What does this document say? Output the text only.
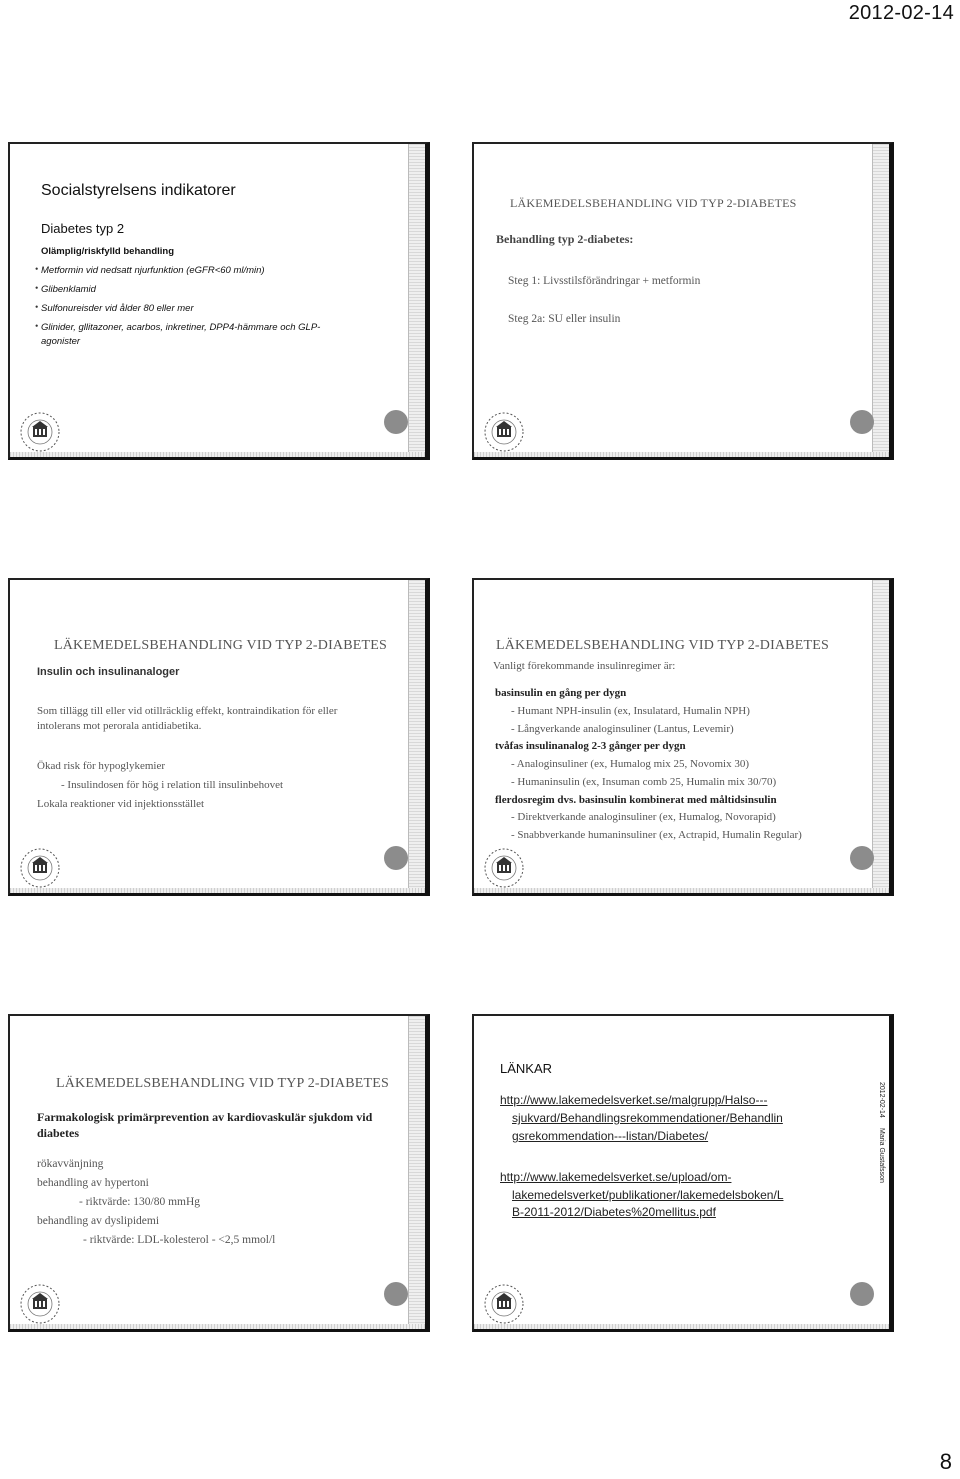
2012-02-14
Socialstyrelsens indikatorer
Diabetes typ 2
Olämplig/riskfylld behandling
Metformin vid nedsatt njurfunktion (eGFR<60 ml/min)
Glibenklamid
Sulfonureisder vid ålder 80 eller mer
Glinider, gllitazoner, acarbos, inkretiner, DPP4-hämmare och GLP-
agonister
•
•
•
•
LÄKEMEDELSBEHANDLING VID TYP 2-DIABETES
Behandling typ 2-diabetes:
Steg 1: Livsstilsförändringar + metformin
Steg 2a: SU eller insulin
LÄKEMEDELSBEHANDLING VID TYP 2-DIABETES
Insulin och insulinanaloger
Som tillägg till eller vid otillräcklig effekt, kontraindikation för eller
intolerans mot perorala antidiabetika.
Ökad risk för hypoglykemier
- Insulindosen för hög i relation till insulinbehovet
Lokala reaktioner vid injektionsstället
LÄKEMEDELSBEHANDLING VID TYP 2-DIABETES
Vanligt förekommande insulinregimer är:
basinsulin en gång per dygn
- Humant NPH-insulin (ex, Insulatard, Humalin NPH)
- Långverkande analoginsuliner (Lantus, Levemir)
tvåfas insulinanalog 2-3 gånger per dygn
- Analoginsuliner (ex, Humalog mix 25, Novomix 30)
- Humaninsulin (ex, Insuman comb 25, Humalin mix 30/70)
flerdosregim dvs. basinsulin kombinerat med måltidsinsulin
- Direktverkande analoginsuliner (ex, Humalog, Novorapid)
- Snabbverkande humaninsuliner (ex, Actrapid, Humalin Regular)
LÄKEMEDELSBEHANDLING VID TYP 2-DIABETES
Farmakologisk primärprevention av kardiovaskulär sjukdom vid
diabetes
rökavvänjning
behandling av hypertoni
- riktvärde: 130/80 mmHg
behandling av dyslipidemi
- riktvärde: LDL-kolesterol - <2,5 mmol/l
LÄNKAR
http://www.lakemedelsverket.se/malgrupp/Halso---
sjukvard/Behandlingsrekommendationer/Behandlin
gsrekommendation---listan/Diabetes/
http://www.lakemedelsverket.se/upload/om-
lakemedelsverket/publikationer/lakemedelsboken/L
B-2011-2012/Diabetes%20mellitus.pdf
2012-02-14
Maria Gustafsson
8
